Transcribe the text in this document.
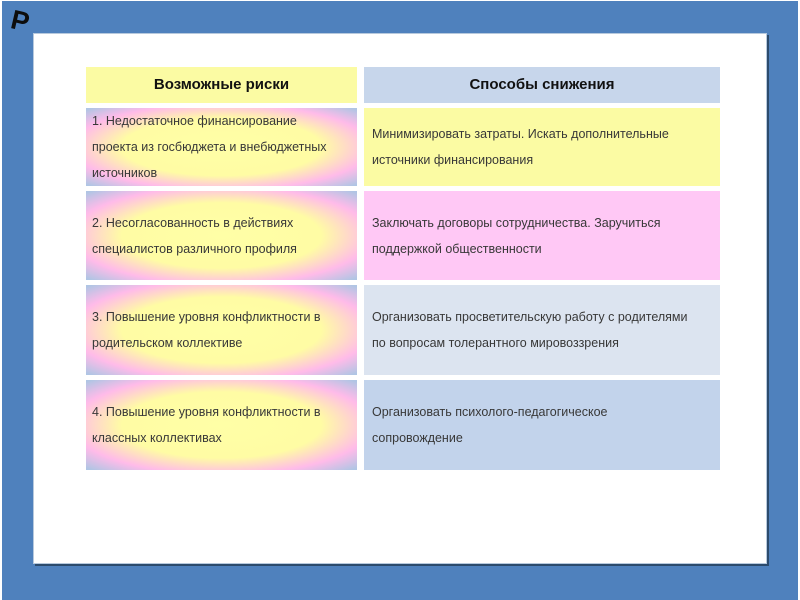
Р
Возможные риски	Способы снижения
1. Недостаточное финансирование проекта из госбюджета и внебюджетных источников
Минимизировать затраты. Искать дополнительные источники финансирования
2. Несогласованность в действиях специалистов различного профиля
Заключать договоры сотрудничества. Заручиться поддержкой общественности
3. Повышение уровня конфликтности в родительском коллективе
Организовать просветительскую работу с родителями по вопросам толерантного мировоззрения
4. Повышение уровня конфликтности в классных коллективах
Организовать психолого-педагогическое сопровождение
